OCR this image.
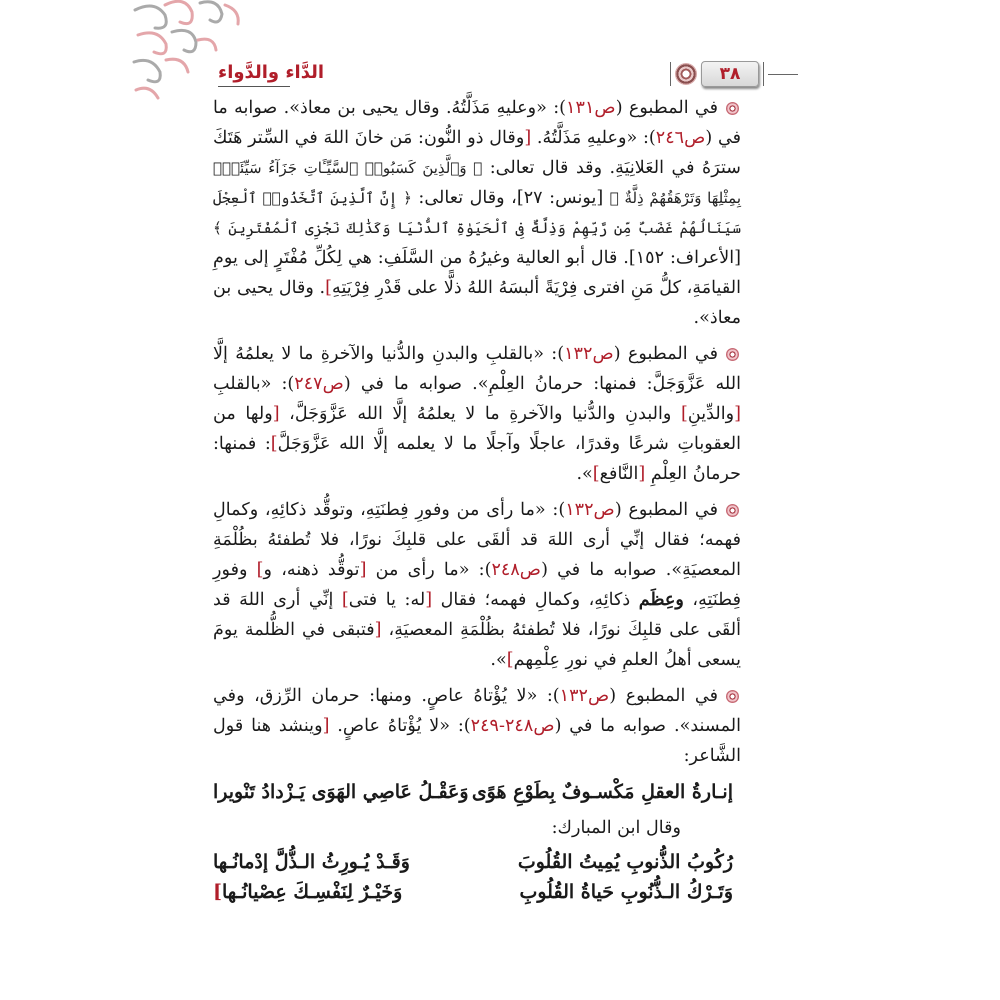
الدَّاء والدَّواء	٣٨

في المطبوع (ص١٣١): «وعليهِ مَذَلَّتُهُ. وقال يحيى بن معاذ». صوابه ما في (ص٢٤٦): «وعليهِ مَذَلَّتُهُ. [وقال ذو النُّون: مَن خانَ اللهَ في السِّتر هَتَكَ سترَهُ في العَلانِيَةِ. وقد قال تعالى: ﴿ وَٱلَّذِينَ كَسَبُوا۟ ٱلسَّيِّـَٔاتِ جَزَآءُ سَيِّئَةٍۭ بِمِثْلِهَا وَتَرْهَقُهُمْ ذِلَّةٌ ﴾ [يونس: ٢٧]، وقال تعالى: ﴿ إِنَّ ٱلَّذِينَ ٱتَّخَذُوا۟ ٱلْعِجْلَ سَيَنَالُهُمْ غَضَبٌ مِّن رَّبِّهِمْ وَذِلَّةٌ فِى ٱلْحَيَوٰةِ ٱلدُّنْيَا وَكَذَٰلِكَ نَجْزِى ٱلْمُفْتَرِينَ ﴾ [الأعراف: ١٥٢]. قال أبو العالية وغيرُهُ من السَّلَفِ: هي لِكُلِّ مُفْتَرٍ إلى يومِ القيامَةِ، كلُّ مَنِ افترى فِرْيَةً ألبسَهُ اللهُ ذلًّا على قَدْرِ فِرْيَتِهِ]. وقال يحيى بن معاذ».

في المطبوع (ص١٣٢): «بالقلبِ والبدنِ والدُّنيا والآخرةِ ما لا يعلمُهُ إلَّا الله عَزَّوَجَلَّ: فمنها: حرمانُ العِلْمِ». صوابه ما في (ص٢٤٧): «بالقلبِ [والدِّينِ] والبدنِ والدُّنيا والآخرةِ ما لا يعلمُهُ إلَّا الله عَزَّوَجَلَّ، [ولها من العقوباتِ شرعًا وقدرًا، عاجلًا وآجلًا ما لا يعلمه إلَّا الله عَزَّوَجَلَّ]: فمنها: حرمانُ العِلْمِ [النَّافع]».

في المطبوع (ص١٣٢): «ما رأى من وفورِ فِطنَتِهِ، وتوقُّد ذكائِهِ، وكمالِ فهمه؛ فقال إنِّي أرى اللهَ قد ألقَى على قلبِكَ نورًا، فلا تُطفئهُ بظُلْمَةِ المعصيَةِ». صوابه ما في (ص٢٤٨): «ما رأى من [توقُّد ذهنه، و] وفورِ فِطنَتِهِ، وعِظَم ذكائِهِ، وكمالِ فهمه؛ فقال [له: يا فتى] إنِّي أرى اللهَ قد ألقَى على قلبِكَ نورًا، فلا تُطفئهُ بظُلْمَةِ المعصيَةِ، [فتبقى في الظُّلمة يومَ يسعى أهلُ العلمِ في نورِ عِلْمِهم]».

في المطبوع (ص١٣٢): «لا يُؤْتاهُ عاصٍ. ومنها: حرمان الرِّزق، وفي المسند». صوابه ما في (ص٢٤٨-٢٤٩): «لا يُؤْتاهُ عاصٍ. [وينشد هنا قول الشَّاعر:

إنـارةُ العقلِ مَكْسـوفٌ بِطَوْعِ هَوًى
وَعَقْـلُ عَاصِي الهَوَى يَـزْدادُ تَنْويرا
وقال ابن المبارك:
رُكُوبُ الذُّنوبِ يُمِيتُ القُلُوبَ
وَقَـدْ يُـورِثُ الـذُّلَّ إدْمانُـها
وَتَـرْكُ الـذُّنُوبِ حَياةُ القُلُوبِ
وَخَيْـرٌ لِنَفْسِـكَ عِصْيانُـها]
